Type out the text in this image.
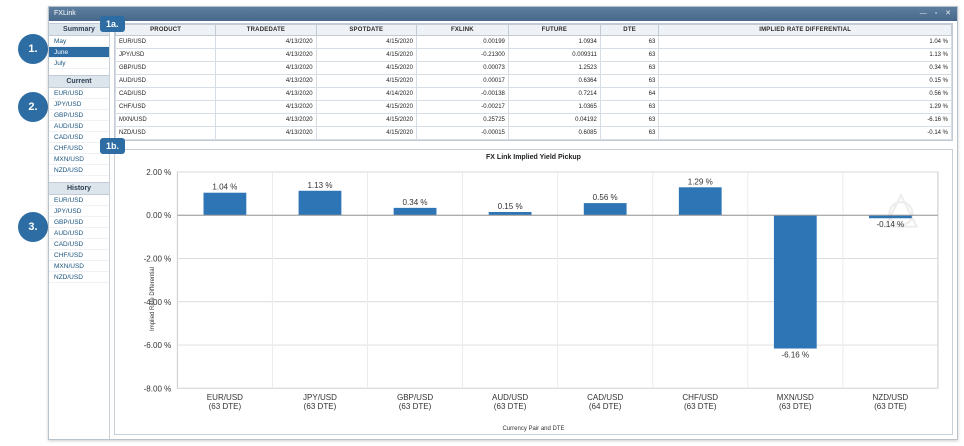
1.
2.
3.
FXLink	— ▫ ✕
Summary
May
June
July
Current
EUR/USD
JPY/USD
GBP/USD
AUD/USD
CAD/USD
CHF/USD
MXN/USD
NZD/USD
History
EUR/USD
JPY/USD
GBP/USD
AUD/USD
CAD/USD
CHF/USD
MXN/USD
NZD/USD
PRODUCT	TRADEDATE	SPOTDATE	FXLINK	FUTURE	DTE	IMPLIED RATE DIFFERENTIAL
EUR/USD	4/13/2020	4/15/2020	0.00199	1.0934	63	1.04 %
JPY/USD	4/13/2020	4/15/2020	-0.21300	0.009311	63	1.13 %
GBP/USD	4/13/2020	4/15/2020	0.00073	1.2523	63	0.34 %
AUD/USD	4/13/2020	4/15/2020	0.00017	0.6364	63	0.15 %
CAD/USD	4/13/2020	4/14/2020	-0.00138	0.7214	64	0.56 %
CHF/USD	4/13/2020	4/15/2020	-0.00217	1.0365	63	1.29 %
MXN/USD	4/13/2020	4/15/2020	0.25725	0.04192	63	-6.16 %
NZD/USD	4/13/2020	4/15/2020	-0.00015	0.6085	63	-0.14 %
FX Link Implied Yield Pickup
Implied Rate Differential
2.00 %
0.00 %
-2.00 %
-4.00 %
-6.00 %
-8.00 %
1.04 %
EUR/USD
(63 DTE)
1.13 %
JPY/USD
(63 DTE)
0.34 %
GBP/USD
(63 DTE)
0.15 %
AUD/USD
(63 DTE)
0.56 %
CAD/USD
(64 DTE)
1.29 %
CHF/USD
(63 DTE)
-6.16 %
MXN/USD
(63 DTE)
-0.14 %
NZD/USD
(63 DTE)
Currency Pair and DTE
1a.
1b.
